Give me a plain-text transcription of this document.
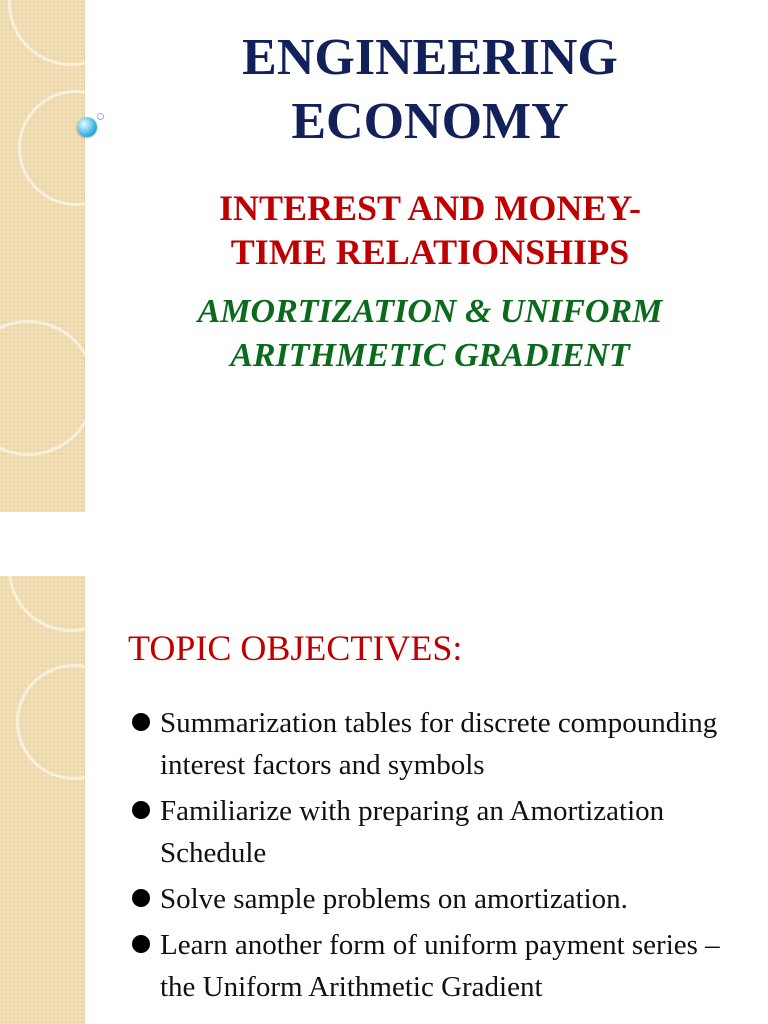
ENGINEERING
ECONOMY
INTEREST AND MONEY-
TIME RELATIONSHIPS
AMORTIZATION & UNIFORM
ARITHMETIC GRADIENT
TOPIC OBJECTIVES:
Summarization tables for discrete compounding interest factors and symbols
Familiarize with preparing an Amortization Schedule
Solve sample problems on amortization.
Learn another form of uniform payment series – the Uniform Arithmetic Gradient
